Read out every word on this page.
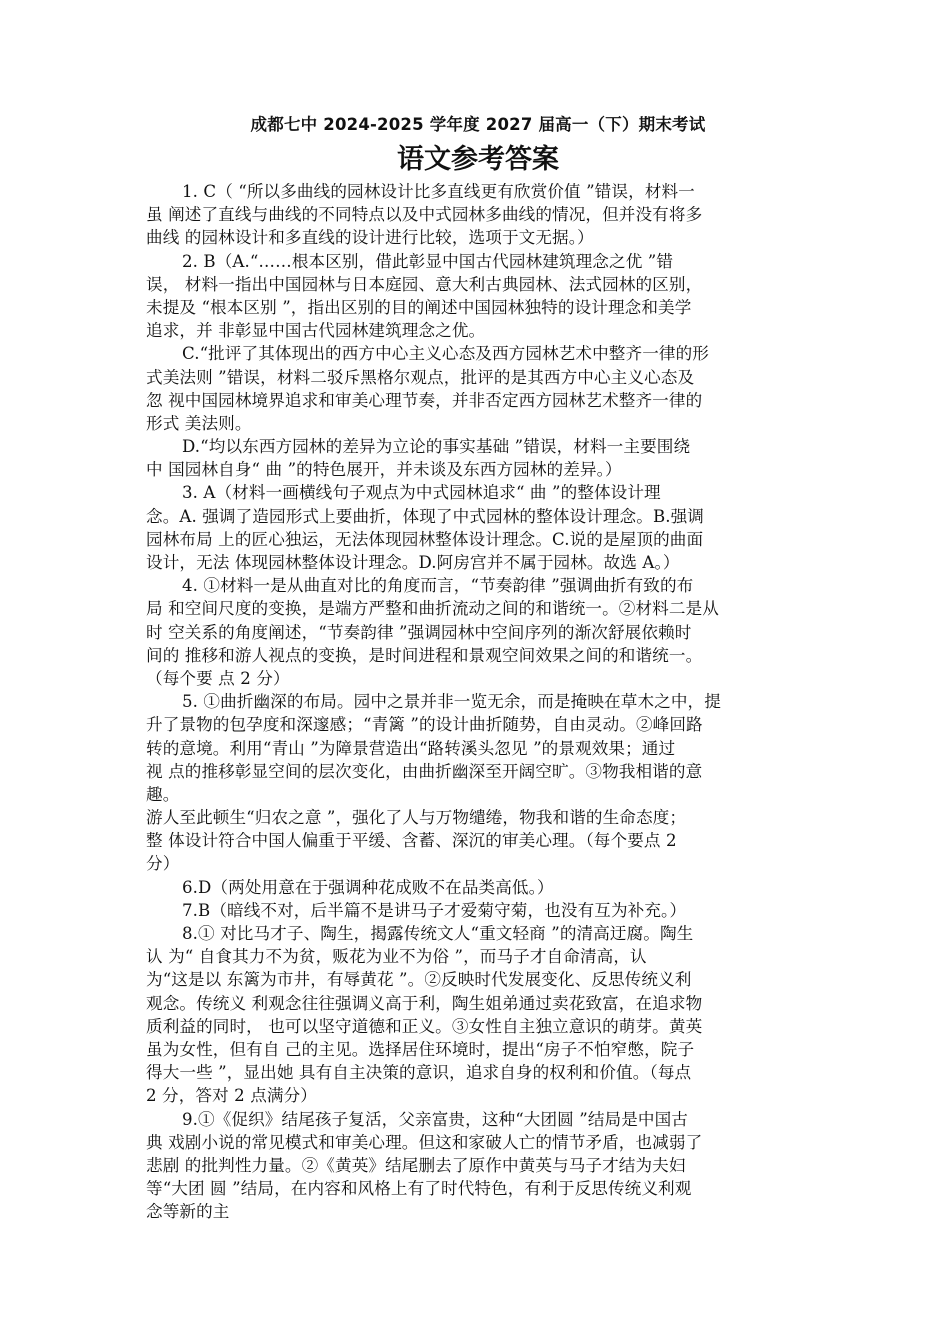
成都七中 2024-2025 学年度 2027 届高一（下）期末考试
语文参考答案
1. C（ “所以多曲线的园林设计比多直线更有欣赏价值 ”错误，材料一
虽 阐述了直线与曲线的不同特点以及中式园林多曲线的情况，但并没有将多
曲线 的园林设计和多直线的设计进行比较，选项于文无据。）
2. B（A.“……根本区别，借此彰显中国古代园林建筑理念之优 ”错
误， 材料一指出中国园林与日本庭园、意大利古典园林、法式园林的区别，
未提及 “根本区别 ”，指出区别的目的阐述中国园林独特的设计理念和美学
追求，并 非彰显中国古代园林建筑理念之优。
C.“批评了其体现出的西方中心主义心态及西方园林艺术中整齐一律的形
式美法则 ”错误，材料二驳斥黑格尔观点，批评的是其西方中心主义心态及
忽 视中国园林境界追求和审美心理节奏，并非否定西方园林艺术整齐一律的
形式 美法则。
D.“均以东西方园林的差异为立论的事实基础 ”错误，材料一主要围绕
中 国园林自身“ 曲 ”的特色展开，并未谈及东西方园林的差异。）
3. A（材料一画横线句子观点为中式园林追求“ 曲 ”的整体设计理
念。A. 强调了造园形式上要曲折，体现了中式园林的整体设计理念。B.强调
园林布局 上的匠心独运，无法体现园林整体设计理念。C.说的是屋顶的曲面
设计，无法 体现园林整体设计理念。D.阿房宫并不属于园林。故选 A。）
4. ①材料一是从曲直对比的角度而言，“节奏韵律 ”强调曲折有致的布
局 和空间尺度的变换，是端方严整和曲折流动之间的和谐统一。②材料二是从
时 空关系的角度阐述，“节奏韵律 ”强调园林中空间序列的渐次舒展依赖时
间的 推移和游人视点的变换，是时间进程和景观空间效果之间的和谐统一。
（每个要 点 2 分）
5. ①曲折幽深的布局。园中之景并非一览无余，而是掩映在草木之中，提
升了景物的包孕度和深邃感；“青篱 ”的设计曲折随势，自由灵动。②峰回路
转的意境。利用“青山 ”为障景营造出“路转溪头忽见 ”的景观效果；通过
视 点的推移彰显空间的层次变化，由曲折幽深至开阔空旷。③物我相谐的意
趣。
游人至此顿生“归农之意 ”，强化了人与万物缱绻，物我和谐的生命态度；
整 体设计符合中国人偏重于平缓、含蓄、深沉的审美心理。（每个要点 2
分）
6.D（两处用意在于强调种花成败不在品类高低。）
7.B（暗线不对，后半篇不是讲马子才爱菊守菊，也没有互为补充。）
8.① 对比马才子、陶生，揭露传统文人“重文轻商 ”的清高迂腐。陶生
认 为“ 自食其力不为贫，贩花为业不为俗 ”，而马子才自命清高，认
为“这是以 东篱为市井，有辱黄花 ”。②反映时代发展变化、反思传统义利
观念。传统义 利观念往往强调义高于利，陶生姐弟通过卖花致富，在追求物
质利益的同时， 也可以坚守道德和正义。③女性自主独立意识的萌芽。黄英
虽为女性，但有自 己的主见。选择居住环境时，提出“房子不怕窄憋，院子
得大一些 ”，显出她 具有自主决策的意识，追求自身的权利和价值。（每点
2 分，答对 2 点满分）
9.①《促织》结尾孩子复活，父亲富贵，这种“大团圆 ”结局是中国古
典 戏剧小说的常见模式和审美心理。但这和家破人亡的情节矛盾，也减弱了
悲剧 的批判性力量。②《黄英》结尾删去了原作中黄英与马子才结为夫妇
等“大团 圆 ”结局，在内容和风格上有了时代特色，有利于反思传统义利观
念等新的主
